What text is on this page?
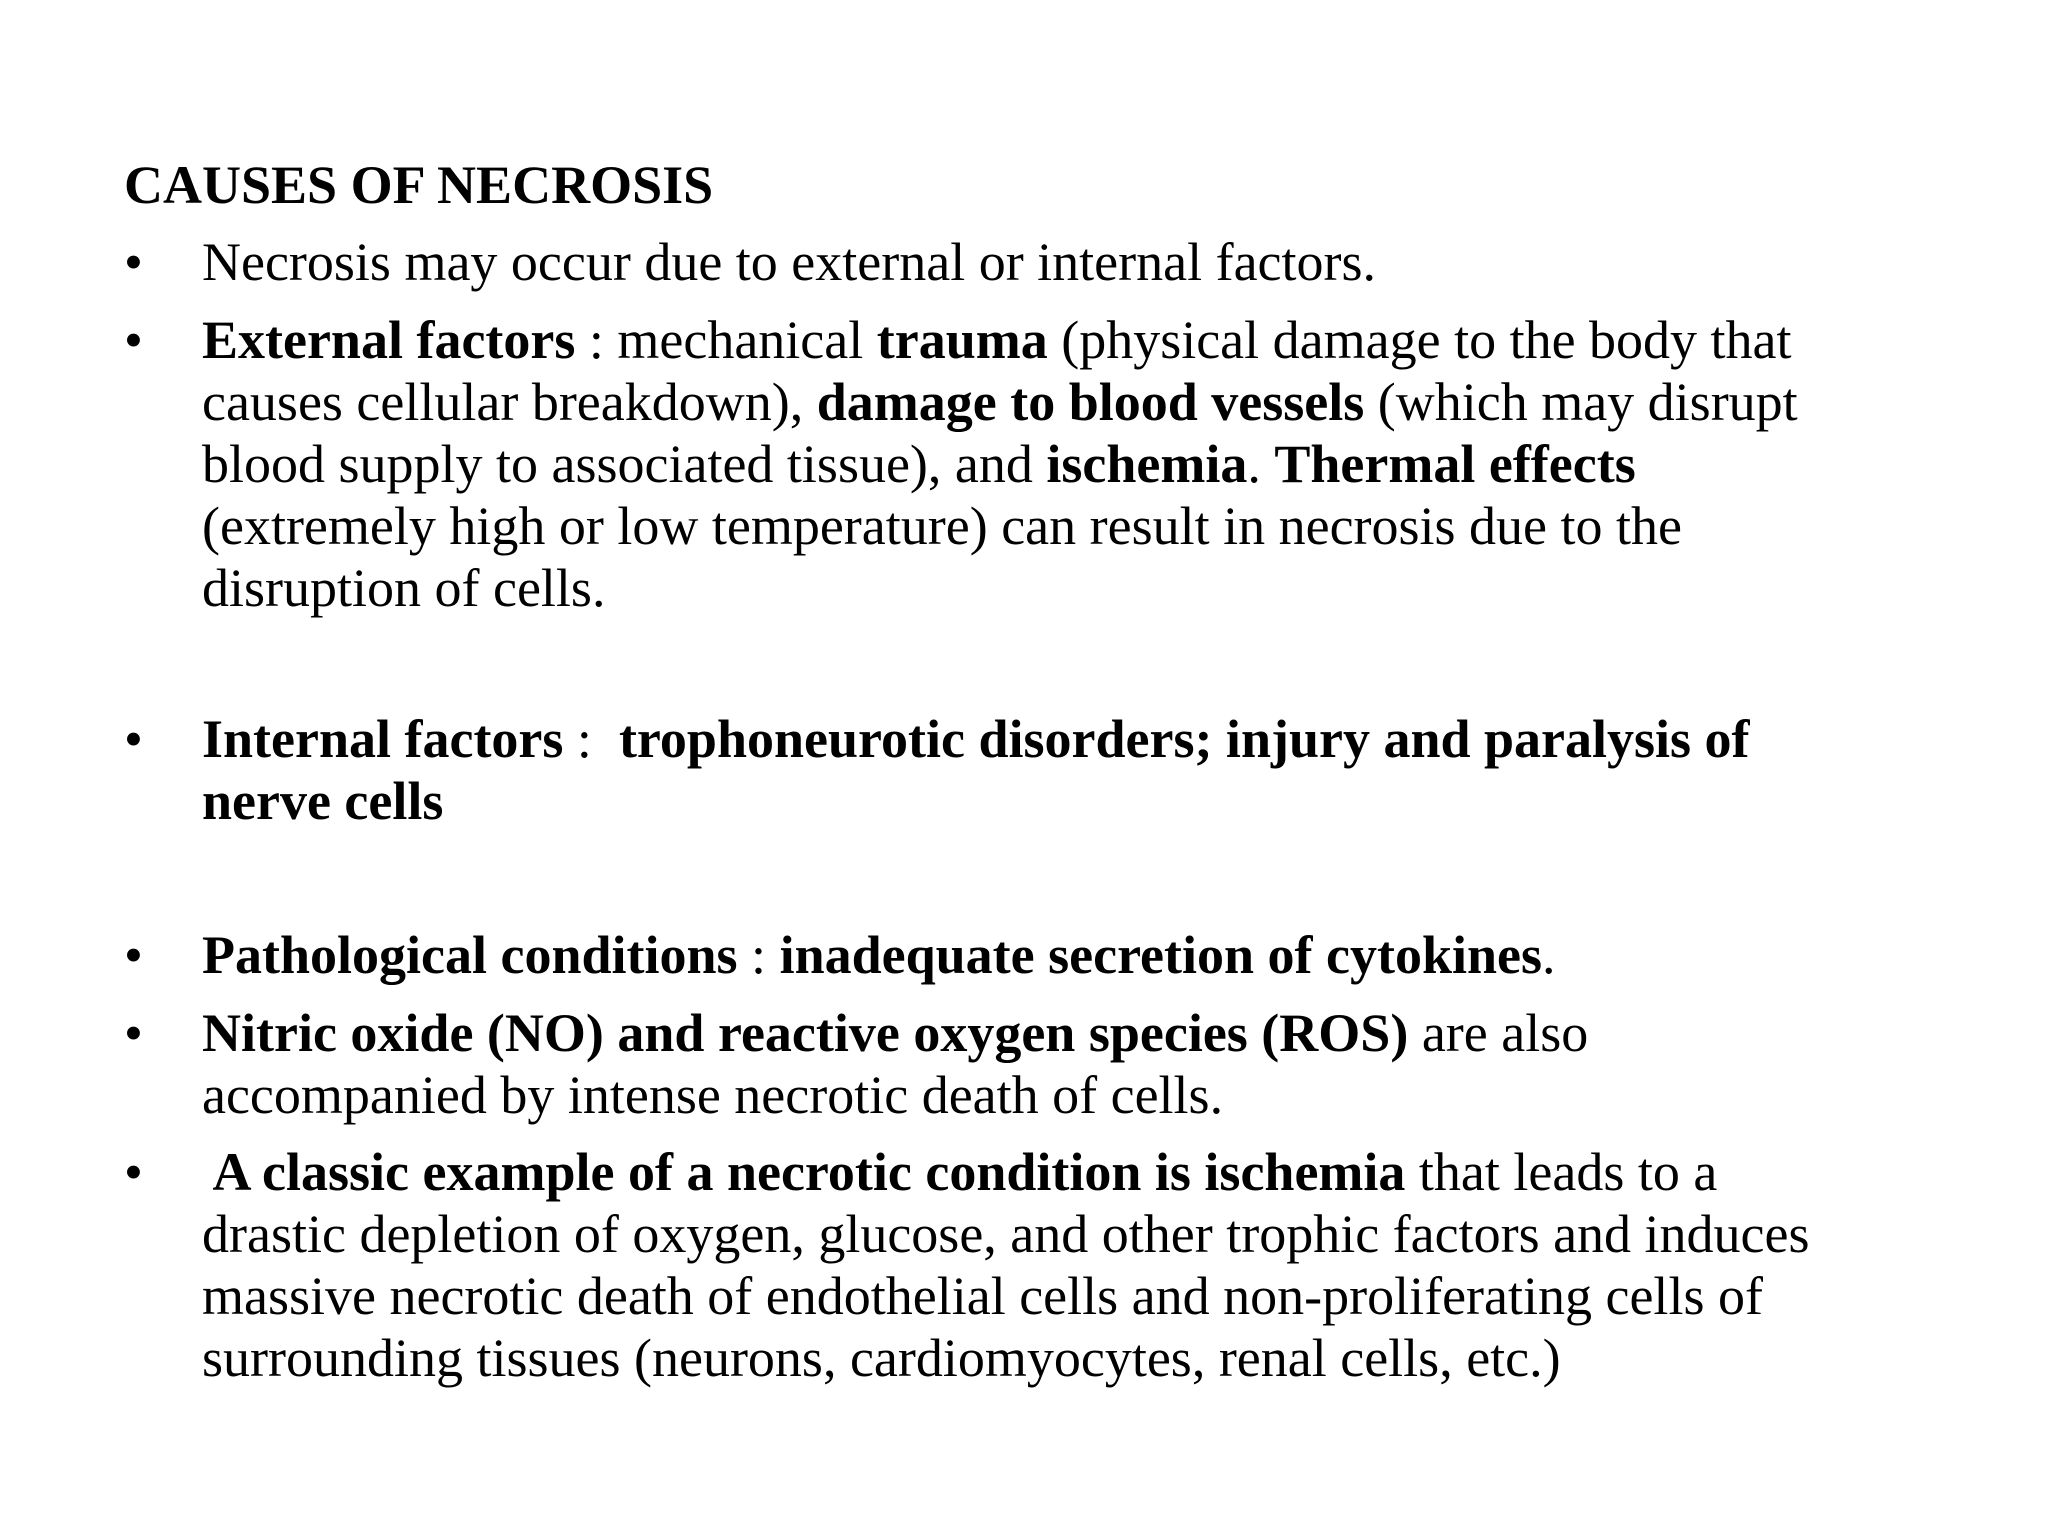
CAUSES OF NECROSIS
•	Necrosis may occur due to external or internal factors.
•	External factors : mechanical trauma (physical damage to the body that
causes cellular breakdown), damage to blood vessels (which may disrupt
blood supply to associated tissue), and ischemia. Thermal effects
(extremely high or low temperature) can result in necrosis due to the
disruption of cells.
•	Internal factors :  trophoneurotic disorders; injury and paralysis of
nerve cells
•	Pathological conditions : inadequate secretion of cytokines.
•	Nitric oxide (NO) and reactive oxygen species (ROS) are also
accompanied by intense necrotic death of cells.
•	A classic example of a necrotic condition is ischemia that leads to a
drastic depletion of oxygen, glucose, and other trophic factors and induces
massive necrotic death of endothelial cells and non-proliferating cells of
surrounding tissues (neurons, cardiomyocytes, renal cells, etc.)
